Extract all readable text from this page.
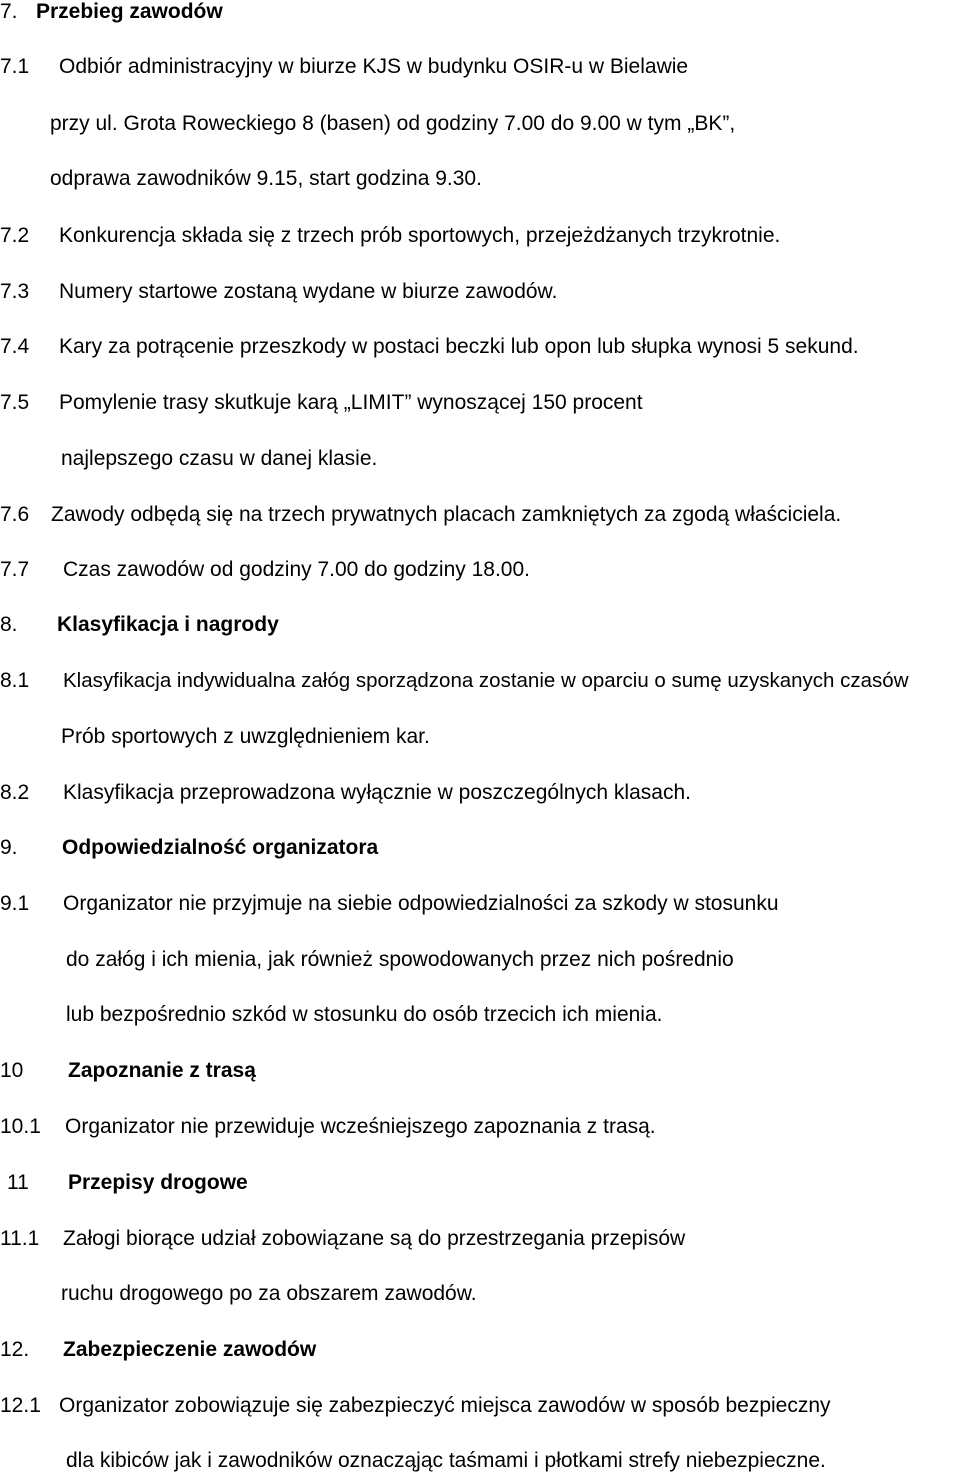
7. Przebieg zawodów
7.1 Odbiór administracyjny w biurze KJS w budynku OSIR-u w Bielawie
przy ul. Grota Roweckiego 8 (basen) od godziny 7.00 do 9.00 w tym „BK”,
odprawa zawodników 9.15, start godzina 9.30.
7.2 Konkurencja składa się z trzech prób sportowych, przejeżdżanych trzykrotnie.
7.3 Numery startowe zostaną wydane w biurze zawodów.
7.4 Kary za potrącenie przeszkody w postaci beczki lub opon lub słupka wynosi 5 sekund.
7.5 Pomylenie trasy skutkuje karą „LIMIT” wynoszącej 150 procent
najlepszego czasu w danej klasie.
7.6 Zawody odbędą się na trzech prywatnych placach zamkniętych za zgodą właściciela.
7.7 Czas zawodów od godziny 7.00 do godziny 18.00.
8. Klasyfikacja i nagrody
8.1 Klasyfikacja indywidualna załóg sporządzona zostanie w oparciu o sumę uzyskanych czasów
Prób sportowych z uwzględnieniem kar.
8.2 Klasyfikacja przeprowadzona wyłącznie w poszczególnych klasach.
9. Odpowiedzialność organizatora
9.1 Organizator nie przyjmuje na siebie odpowiedzialności za szkody w stosunku
do załóg i ich mienia, jak również spowodowanych przez nich pośrednio
lub bezpośrednio szkód w stosunku do osób trzecich ich mienia.
10 Zapoznanie z trasą
10.1 Organizator nie przewiduje wcześniejszego zapoznania z trasą.
11 Przepisy drogowe
11.1 Załogi biorące udział zobowiązane są do przestrzegania przepisów
ruchu drogowego po za obszarem zawodów.
12. Zabezpieczenie zawodów
12.1 Organizator zobowiązuje się zabezpieczyć miejsca zawodów w sposób bezpieczny
dla kibiców jak i zawodników oznacząjąc taśmami i płotkami strefy niebezpieczne.
